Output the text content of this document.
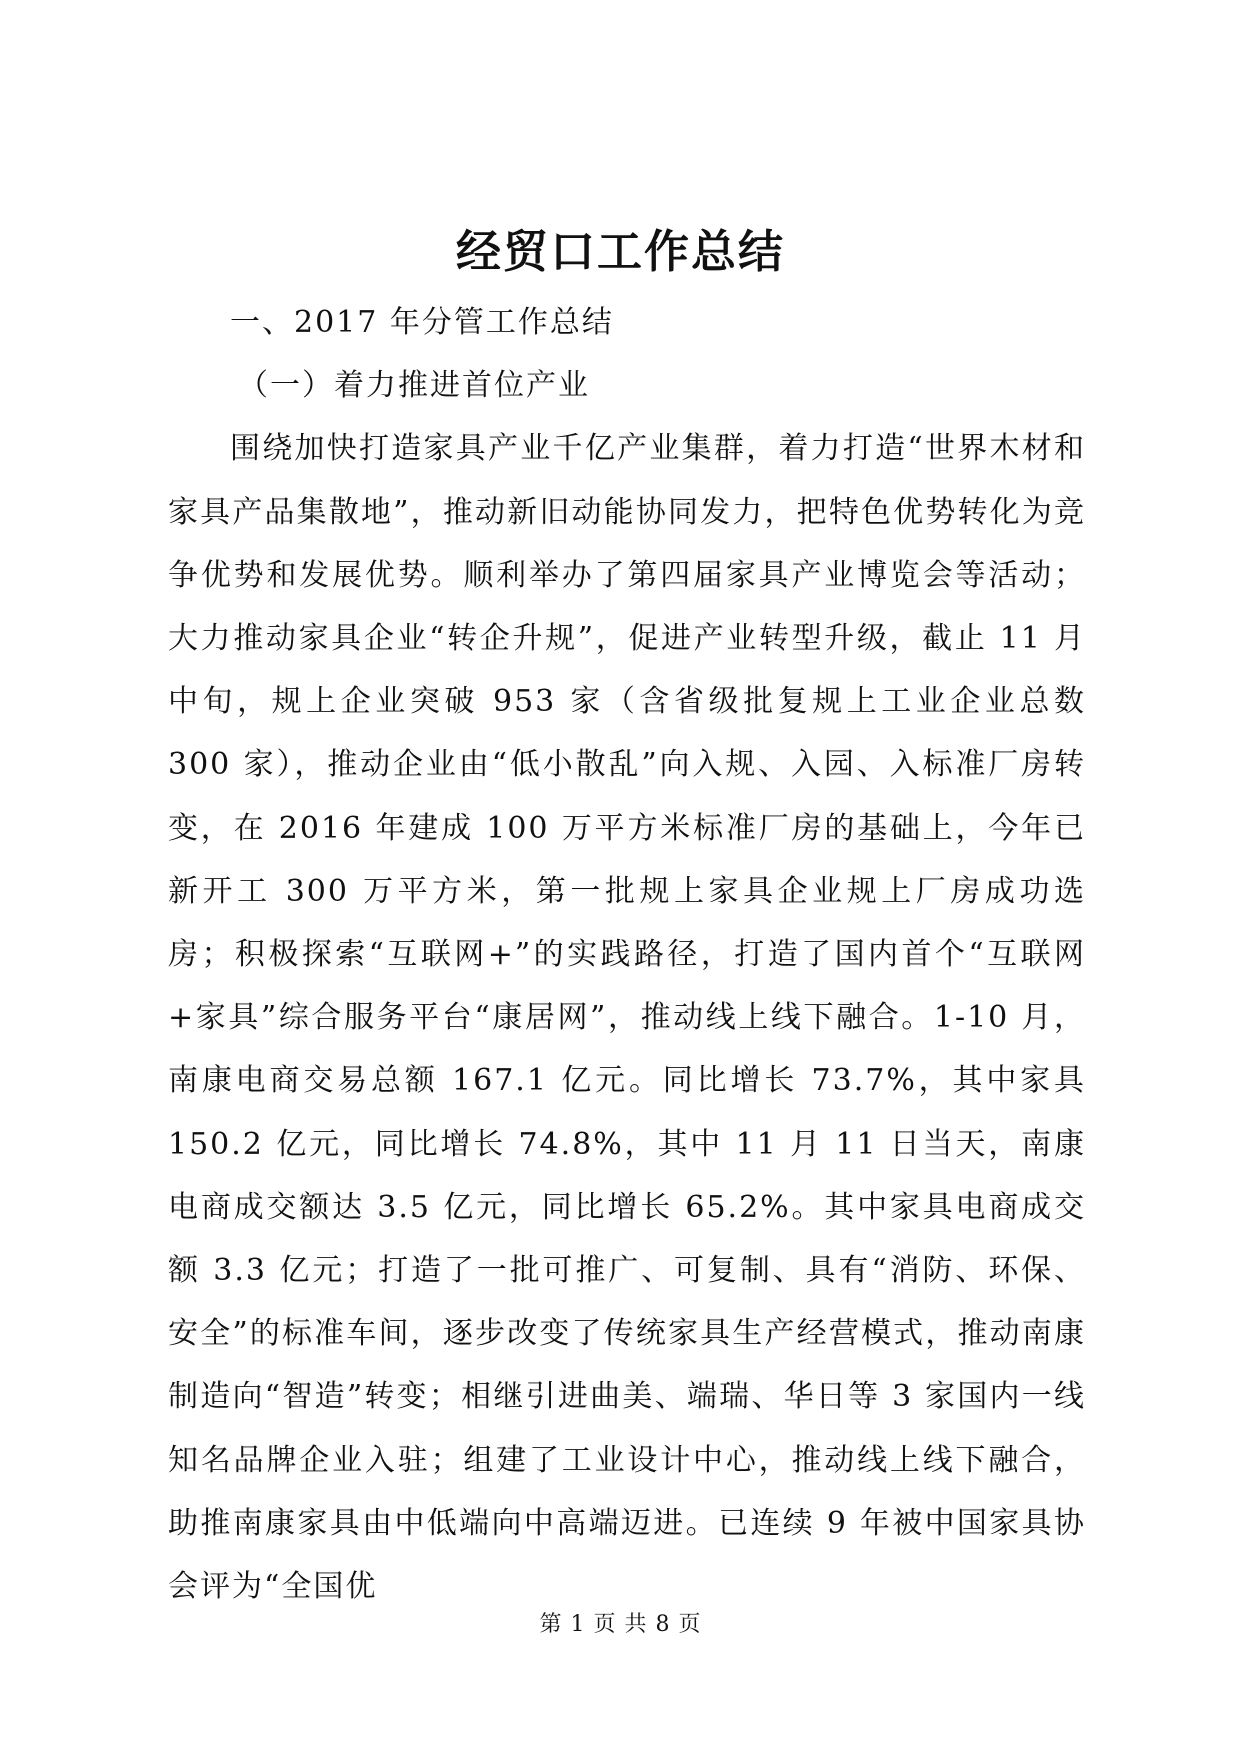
经贸口工作总结

一、2017 年分管工作总结

（一）着力推进首位产业

围绕加快打造家具产业千亿产业集群，着力打造“世界木材和家具产品集散地”，推动新旧动能协同发力，把特色优势转化为竞争优势和发展优势。顺利举办了第四届家具产业博览会等活动；大力推动家具企业“转企升规”，促进产业转型升级，截止 11 月中旬，规上企业突破 953 家（含省级批复规上工业企业总数 300 家），推动企业由“低小散乱”向入规、入园、入标准厂房转变，在 2016 年建成 100 万平方米标准厂房的基础上，今年已新开工 300 万平方米，第一批规上家具企业规上厂房成功选房；积极探索“互联网+”的实践路径，打造了国内首个“互联网+家具”综合服务平台“康居网”，推动线上线下融合。1-10 月，南康电商交易总额 167.1 亿元。同比增长 73.7%，其中家具 150.2 亿元，同比增长 74.8%，其中 11 月 11 日当天，南康电商成交额达 3.5 亿元，同比增长 65.2%。其中家具电商成交额 3.3 亿元；打造了一批可推广、可复制、具有“消防、环保、安全”的标准车间，逐步改变了传统家具生产经营模式，推动南康制造向“智造”转变；相继引进曲美、端瑞、华日等 3 家国内一线知名品牌企业入驻；组建了工业设计中心，推动线上线下融合，助推南康家具由中低端向中高端迈进。已连续 9 年被中国家具协会评为“全国优

第 1 页 共 8 页
